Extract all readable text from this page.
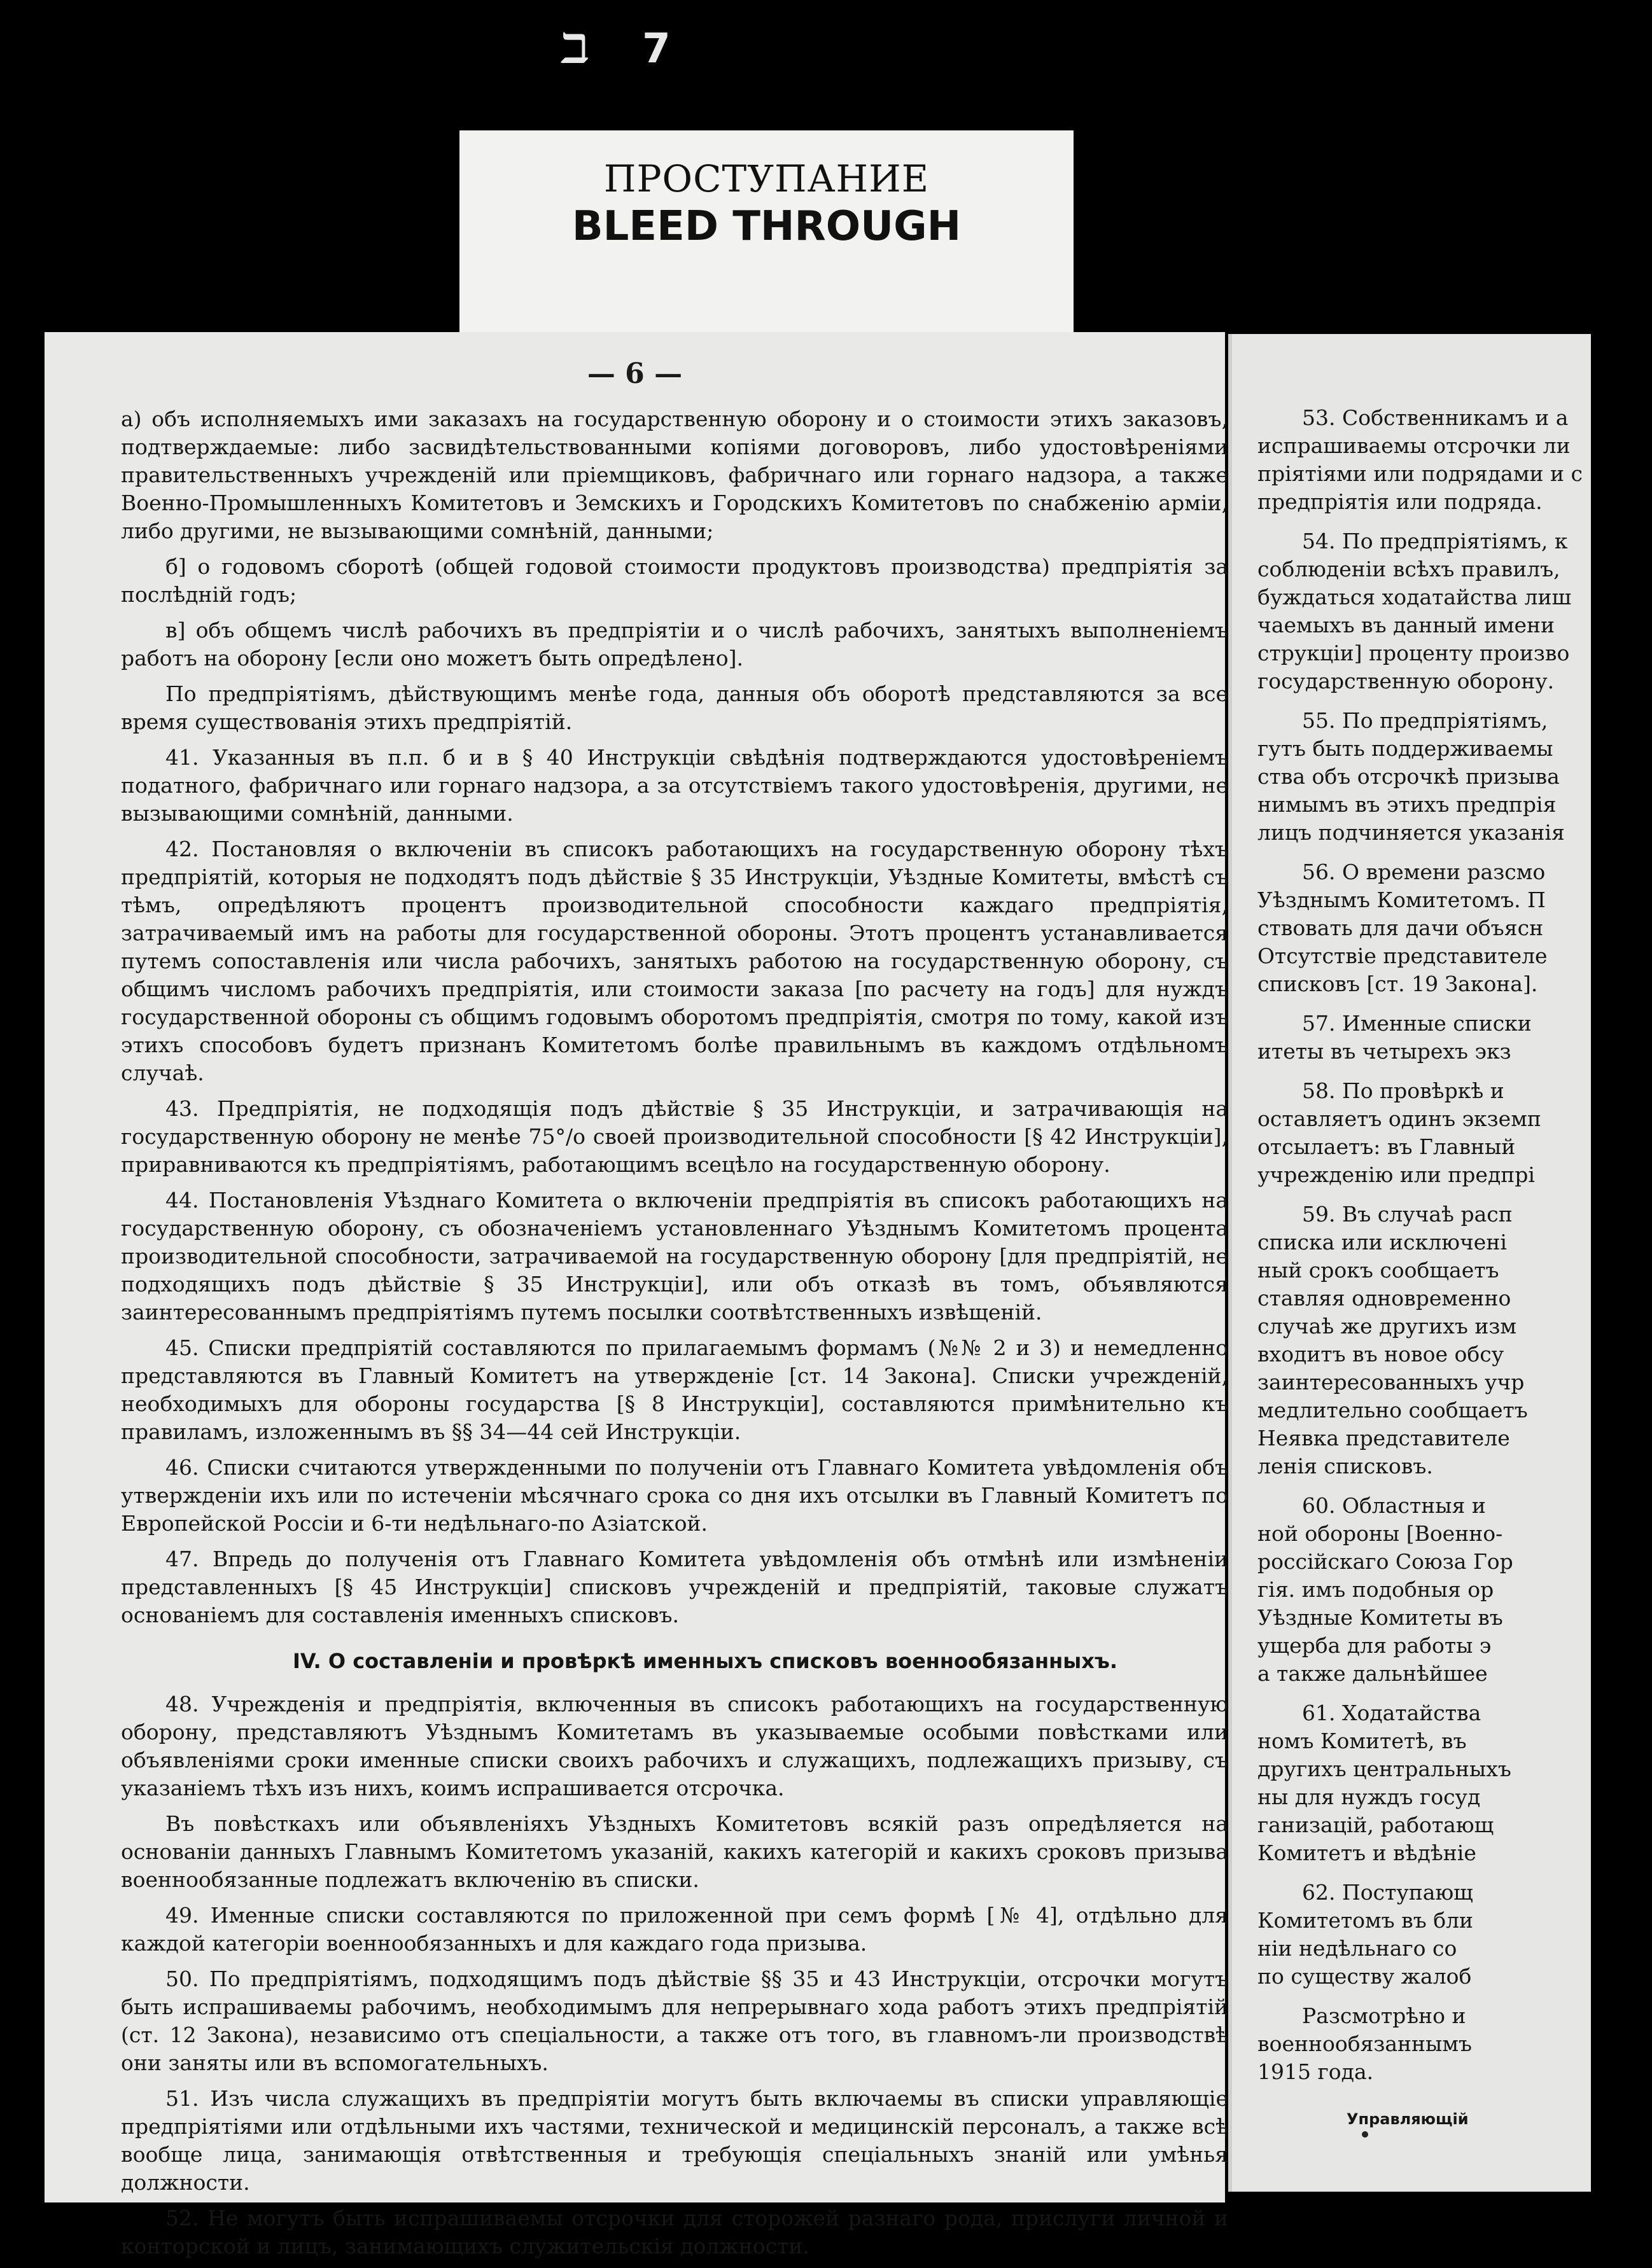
ℶ 7
ПРОСТУПАНИЕ
BLEED THROUGH
— 6 —

а) объ исполняемыхъ ими заказахъ на государственную оборону и о стоимости этихъ заказовъ, подтверждаемые: либо засвидѣтельствованными копіями договоровъ, либо удостовѣреніями правительственныхъ учрежденій или пріемщиковъ, фабричнаго или горнаго надзора, а также Военно-Промышленныхъ Комитетовъ и Земскихъ и Городскихъ Комитетовъ по снабженію арміи, либо другими, не вызывающими сомнѣній, данными;

б] о годовомъ сборотѣ (общей годовой стоимости продуктовъ производства) предпріятія за послѣдній годъ;

в] объ общемъ числѣ рабочихъ въ предпріятіи и о числѣ рабочихъ, занятыхъ выполненіемъ работъ на оборону [если оно можетъ быть опредѣлено].

По предпріятіямъ, дѣйствующимъ менѣе года, данныя объ оборотѣ представляются за все время существованія этихъ предпріятій.

41. Указанныя въ п.п. б и в § 40 Инструкціи свѣдѣнія подтверждаются удостовѣреніемъ податного, фабричнаго или горнаго надзора, а за отсутствіемъ такого удостовѣренія, другими, не вызывающими сомнѣній, данными.

42. Постановляя о включеніи въ списокъ работающихъ на государственную оборону тѣхъ предпріятій, которыя не подходятъ подъ дѣйствіе § 35 Инструкціи, Уѣздные Комитеты, вмѣстѣ съ тѣмъ, опредѣляютъ процентъ производительной способности каждаго предпріятія, затрачиваемый имъ на работы для государственной обороны. Этотъ процентъ устанавливается путемъ сопоставленія или числа рабочихъ, занятыхъ работою на государственную оборону, съ общимъ числомъ рабочихъ предпріятія, или стоимости заказа [по расчету на годъ] для нуждъ государственной обороны съ общимъ годовымъ оборотомъ предпріятія, смотря по тому, какой изъ этихъ способовъ будетъ признанъ Комитетомъ болѣе правильнымъ въ каждомъ отдѣльномъ случаѣ.

43. Предпріятія, не подходящія подъ дѣйствіе § 35 Инструкціи, и затрачивающія на государственную оборону не менѣе 75°/o своей производительной способности [§ 42 Инструкціи], приравниваются къ предпріятіямъ, работающимъ всецѣло на государственную оборону.

44. Постановленія Уѣзднаго Комитета о включеніи предпріятія въ списокъ работающихъ на государственную оборону, съ обозначеніемъ установленнаго Уѣзднымъ Комитетомъ процента производительной способности, затрачиваемой на государственную оборону [для предпріятій, не подходящихъ подъ дѣйствіе § 35 Инструкціи], или объ отказѣ въ томъ, объявляются заинтересованнымъ предпріятіямъ путемъ посылки соотвѣтственныхъ извѣщеній.

45. Списки предпріятій составляются по прилагаемымъ формамъ (№№ 2 и 3) и немедленно представляются въ Главный Комитетъ на утвержденіе [ст. 14 Закона]. Списки учрежденій, необходимыхъ для обороны государства [§ 8 Инструкціи], составляются примѣнительно къ правиламъ, изложеннымъ въ §§ 34—44 сей Инструкціи.

46. Списки считаются утвержденными по полученіи отъ Главнаго Комитета увѣдомленія объ утвержденіи ихъ или по истеченіи мѣсячнаго срока со дня ихъ отсылки въ Главный Комитетъ по Европейской Россіи и 6-ти недѣльнаго-по Азіатской.

47. Впредь до полученія отъ Главнаго Комитета увѣдомленія объ отмѣнѣ или измѣненіи представленныхъ [§ 45 Инструкціи] списковъ учрежденій и предпріятій, таковые служатъ основаніемъ для составленія именныхъ списковъ.

IV. О составленіи и провѣркѣ именныхъ списковъ военнообязанныхъ.

48. Учрежденія и предпріятія, включенныя въ списокъ работающихъ на государственную оборону, представляютъ Уѣзднымъ Комитетамъ въ указываемые особыми повѣстками или объявленіями сроки именные списки своихъ рабочихъ и служащихъ, подлежащихъ призыву, съ указаніемъ тѣхъ изъ нихъ, коимъ испрашивается отсрочка.

Въ повѣсткахъ или объявленіяхъ Уѣздныхъ Комитетовъ всякій разъ опредѣляется на основаніи данныхъ Главнымъ Комитетомъ указаній, какихъ категорій и какихъ сроковъ призыва военнообязанные подлежатъ включенію въ списки.

49. Именные списки составляются по приложенной при семъ формѣ [№ 4], отдѣльно для каждой категоріи военнообязанныхъ и для каждаго года призыва.

50. По предпріятіямъ, подходящимъ подъ дѣйствіе §§ 35 и 43 Инструкціи, отсрочки могутъ быть испрашиваемы рабочимъ, необходимымъ для непрерывнаго хода работъ этихъ предпріятій (ст. 12 Закона), независимо отъ спеціальности, а также отъ того, въ главномъ-ли производствѣ они заняты или въ вспомогательныхъ.

51. Изъ числа служащихъ въ предпріятіи могутъ быть включаемы въ списки управляющіе предпріятіями или отдѣльными ихъ частями, технической и медицинскій персоналъ, а также всѣ вообще лица, занимающія отвѣтственныя и требующія спеціальныхъ знаній или умѣнья должности.

52. Не могутъ быть испрашиваемы отсрочки для сторожей разнаго рода, прислуги личной и конторской и лицъ, занимающихъ служительскія должности.

53. Собственникамъ и а
испрашиваемы отсрочки ли
пріятіями или подрядами и с
предпріятія или подряда.
54. По предпріятіямъ, к
соблюденіи всѣхъ правилъ,
буждаться ходатайства лиш
чаемыхъ въ данный имени
струкціи] проценту произво
государственную оборону.
55. По предпріятіямъ,
гутъ быть поддерживаемы
ства объ отсрочкѣ призыва
нимымъ въ этихъ предпрія
лицъ подчиняется указанія
56. О времени разсмо
Уѣзднымъ Комитетомъ. П
ствовать для дачи объясн
Отсутствіе представителе
списковъ [ст. 19 Закона].
57. Именные списки
итеты въ четырехъ экз
58. По провѣркѣ и
оставляетъ одинъ экземп
отсылаетъ: въ Главный
учрежденію или предпрі
59. Въ случаѣ расп
списка или исключені
ный срокъ сообщаетъ
ставляя одновременно
случаѣ же другихъ изм
входитъ въ новое обсу
заинтересованныхъ учр
медлительно сообщаетъ
Неявка представителе
ленія списковъ.
60. Областныя и
ной обороны [Военно-
россійскаго Союза Гор
гія. имъ подобныя ор
Уѣздные Комитеты въ
ущерба для работы э
а также дальнѣйшее
61. Ходатайства
номъ Комитетѣ, въ
другихъ центральныхъ
ны для нуждъ госуд
ганизацій, работающ
Комитетъ и вѣдѣніе
62. Поступающ
Комитетомъ въ бли
ніи недѣльнаго со
по существу жалоб
Разсмотрѣно и
военнообязаннымъ
1915 года.
Управляющій
